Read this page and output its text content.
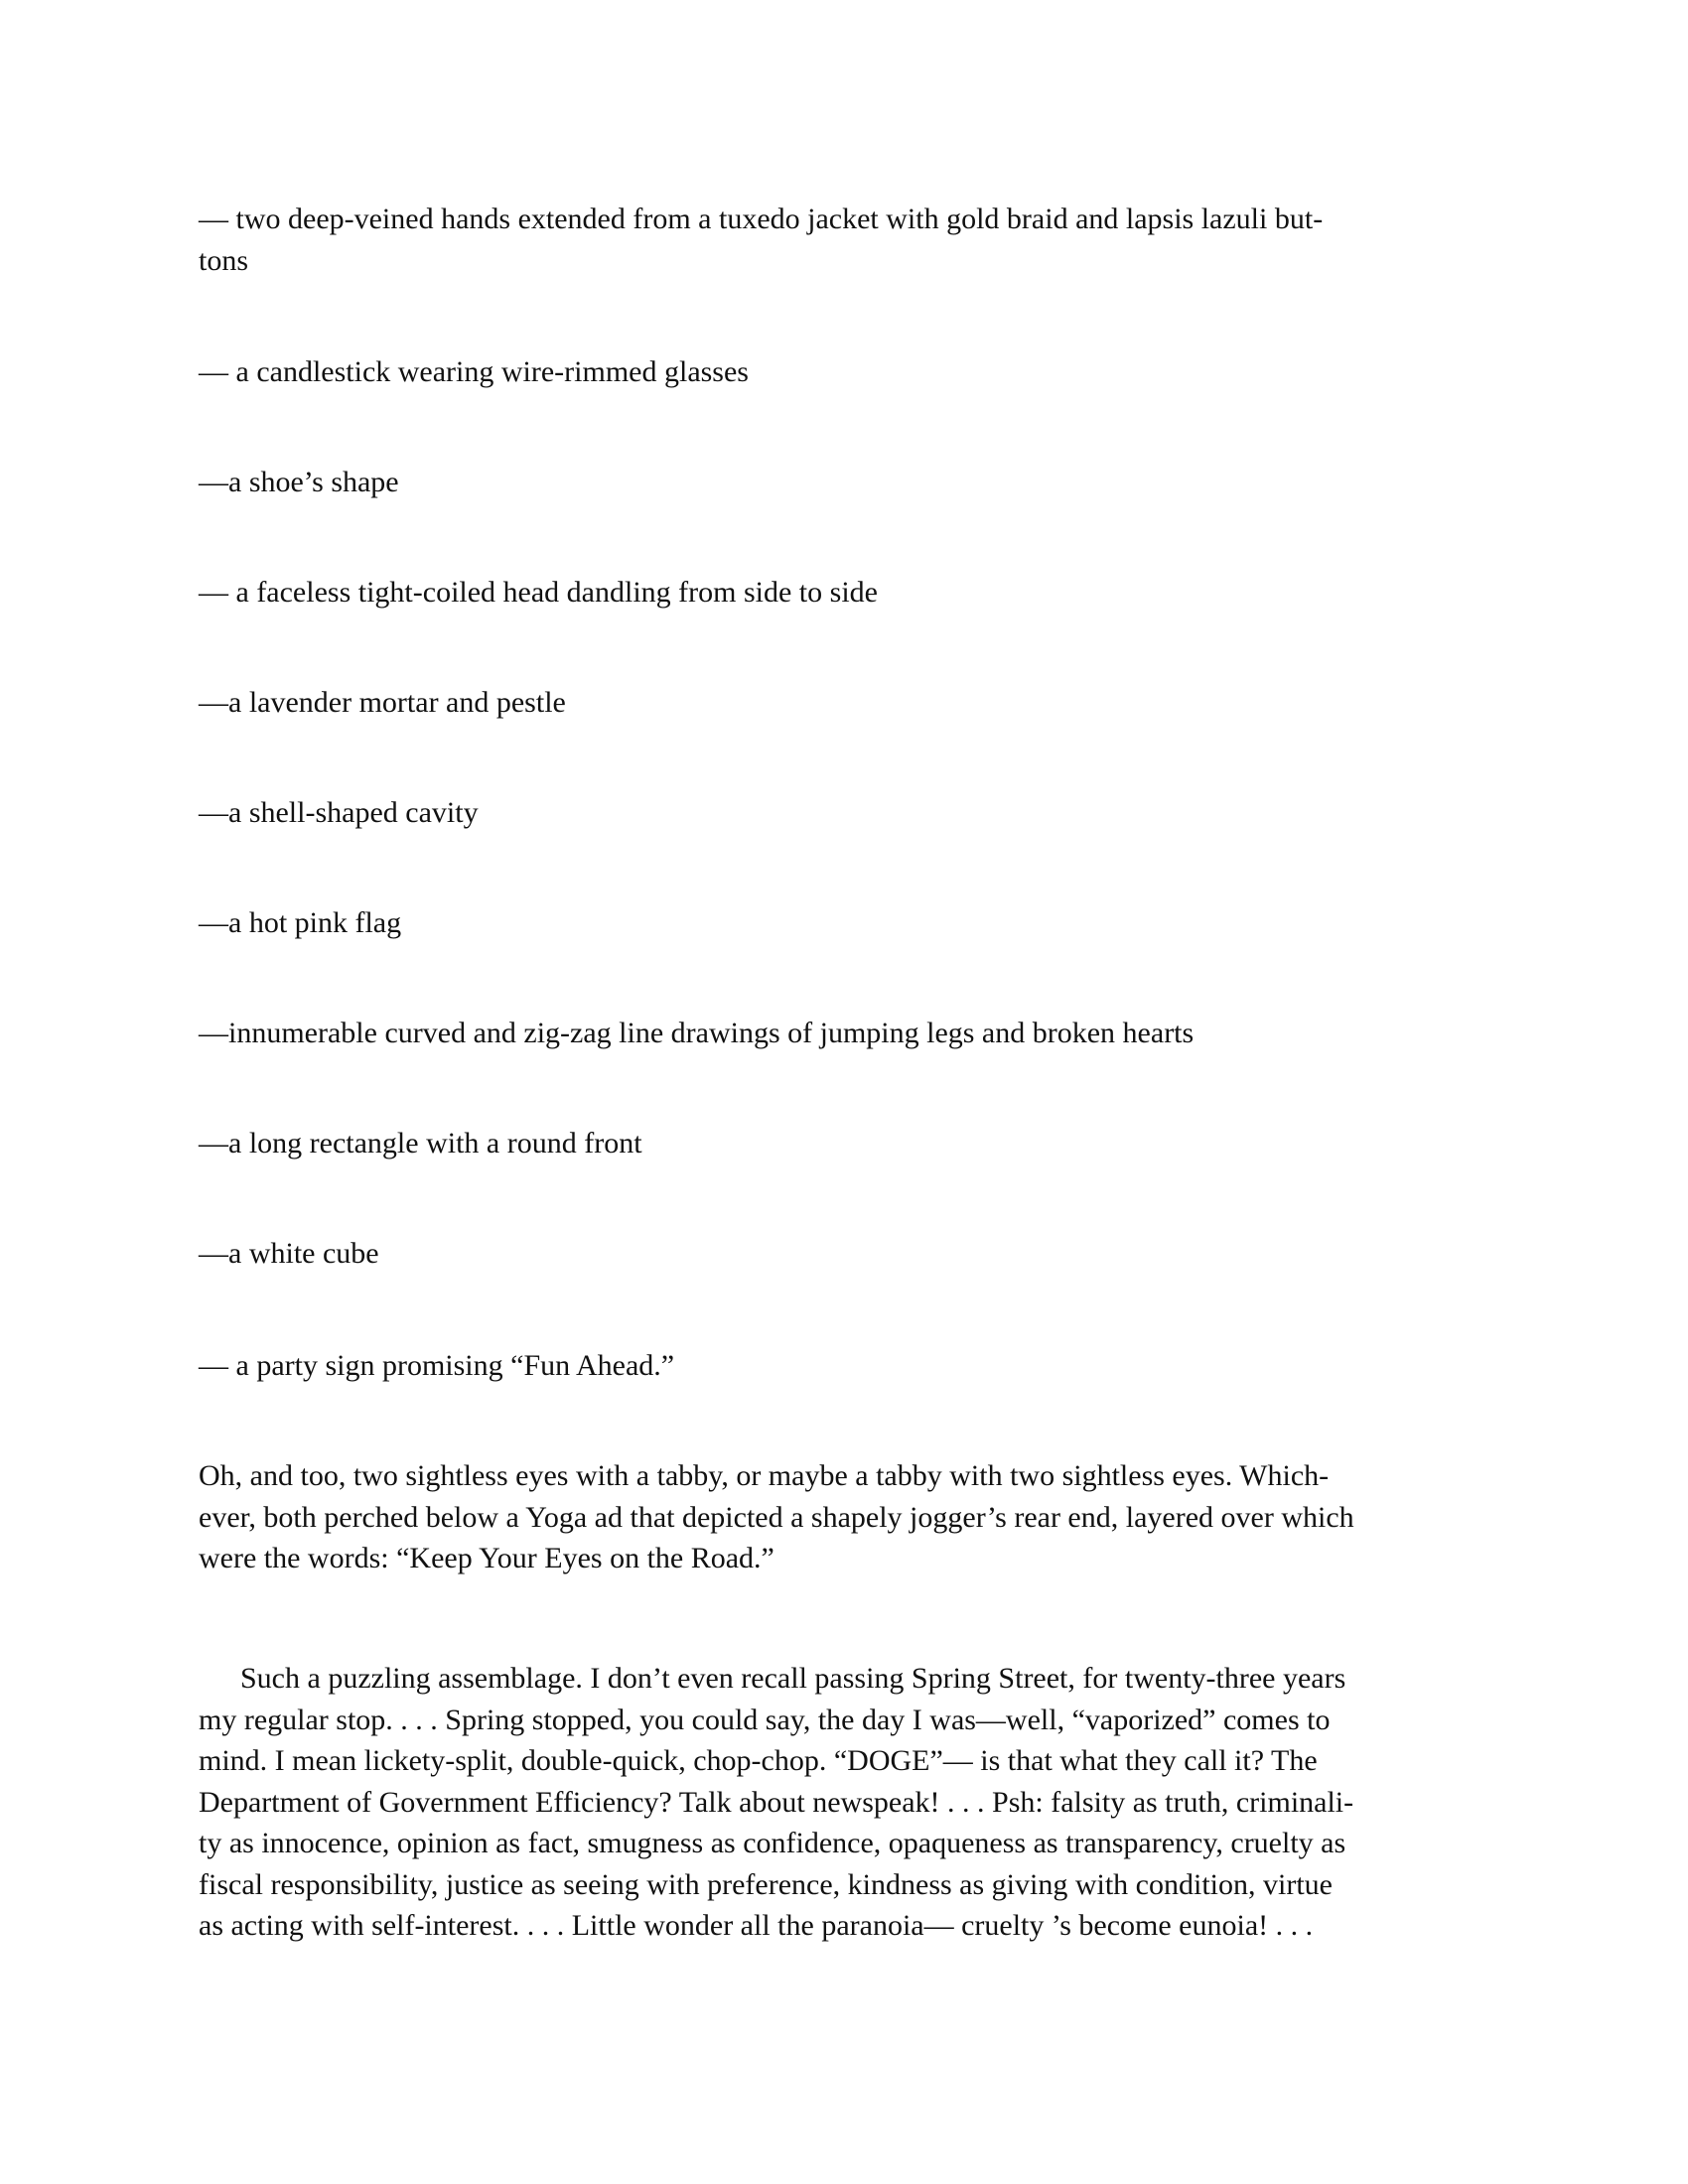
— two deep-veined hands extended from a tuxedo jacket with gold braid and lapsis lazuli but-

tons

— a candlestick wearing wire-rimmed glasses

—a shoe’s shape

— a faceless tight-coiled head dandling from side to side

—a lavender mortar and pestle

—a shell-shaped cavity

—a hot pink flag

—innumerable curved and zig-zag line drawings of jumping legs and broken hearts

—a long rectangle with a round front

—a white cube

— a party sign promising “Fun Ahead.”

Oh, and too, two sightless eyes with a tabby, or maybe a tabby with two sightless eyes. Which-
ever, both perched below a Yoga ad that depicted a shapely jogger’s rear end, layered over which
were the words: “Keep Your Eyes on the Road.”
Such a puzzling assemblage. I don’t even recall passing Spring Street, for twenty-three years
my regular stop. . . . Spring stopped, you could say, the day I was—well, “vaporized” comes to
mind. I mean lickety-split, double-quick, chop-chop. “DOGE”— is that what they call it? The
Department of Government Efficiency? Talk about newspeak! . . . Psh: falsity as truth, criminali-
ty as innocence, opinion as fact, smugness as confidence, opaqueness as transparency, cruelty as
fiscal responsibility, justice as seeing with preference, kindness as giving with condition, virtue
as acting with self-interest. . . . Little wonder all the paranoia— cruelty ’s become eunoia! . . .
